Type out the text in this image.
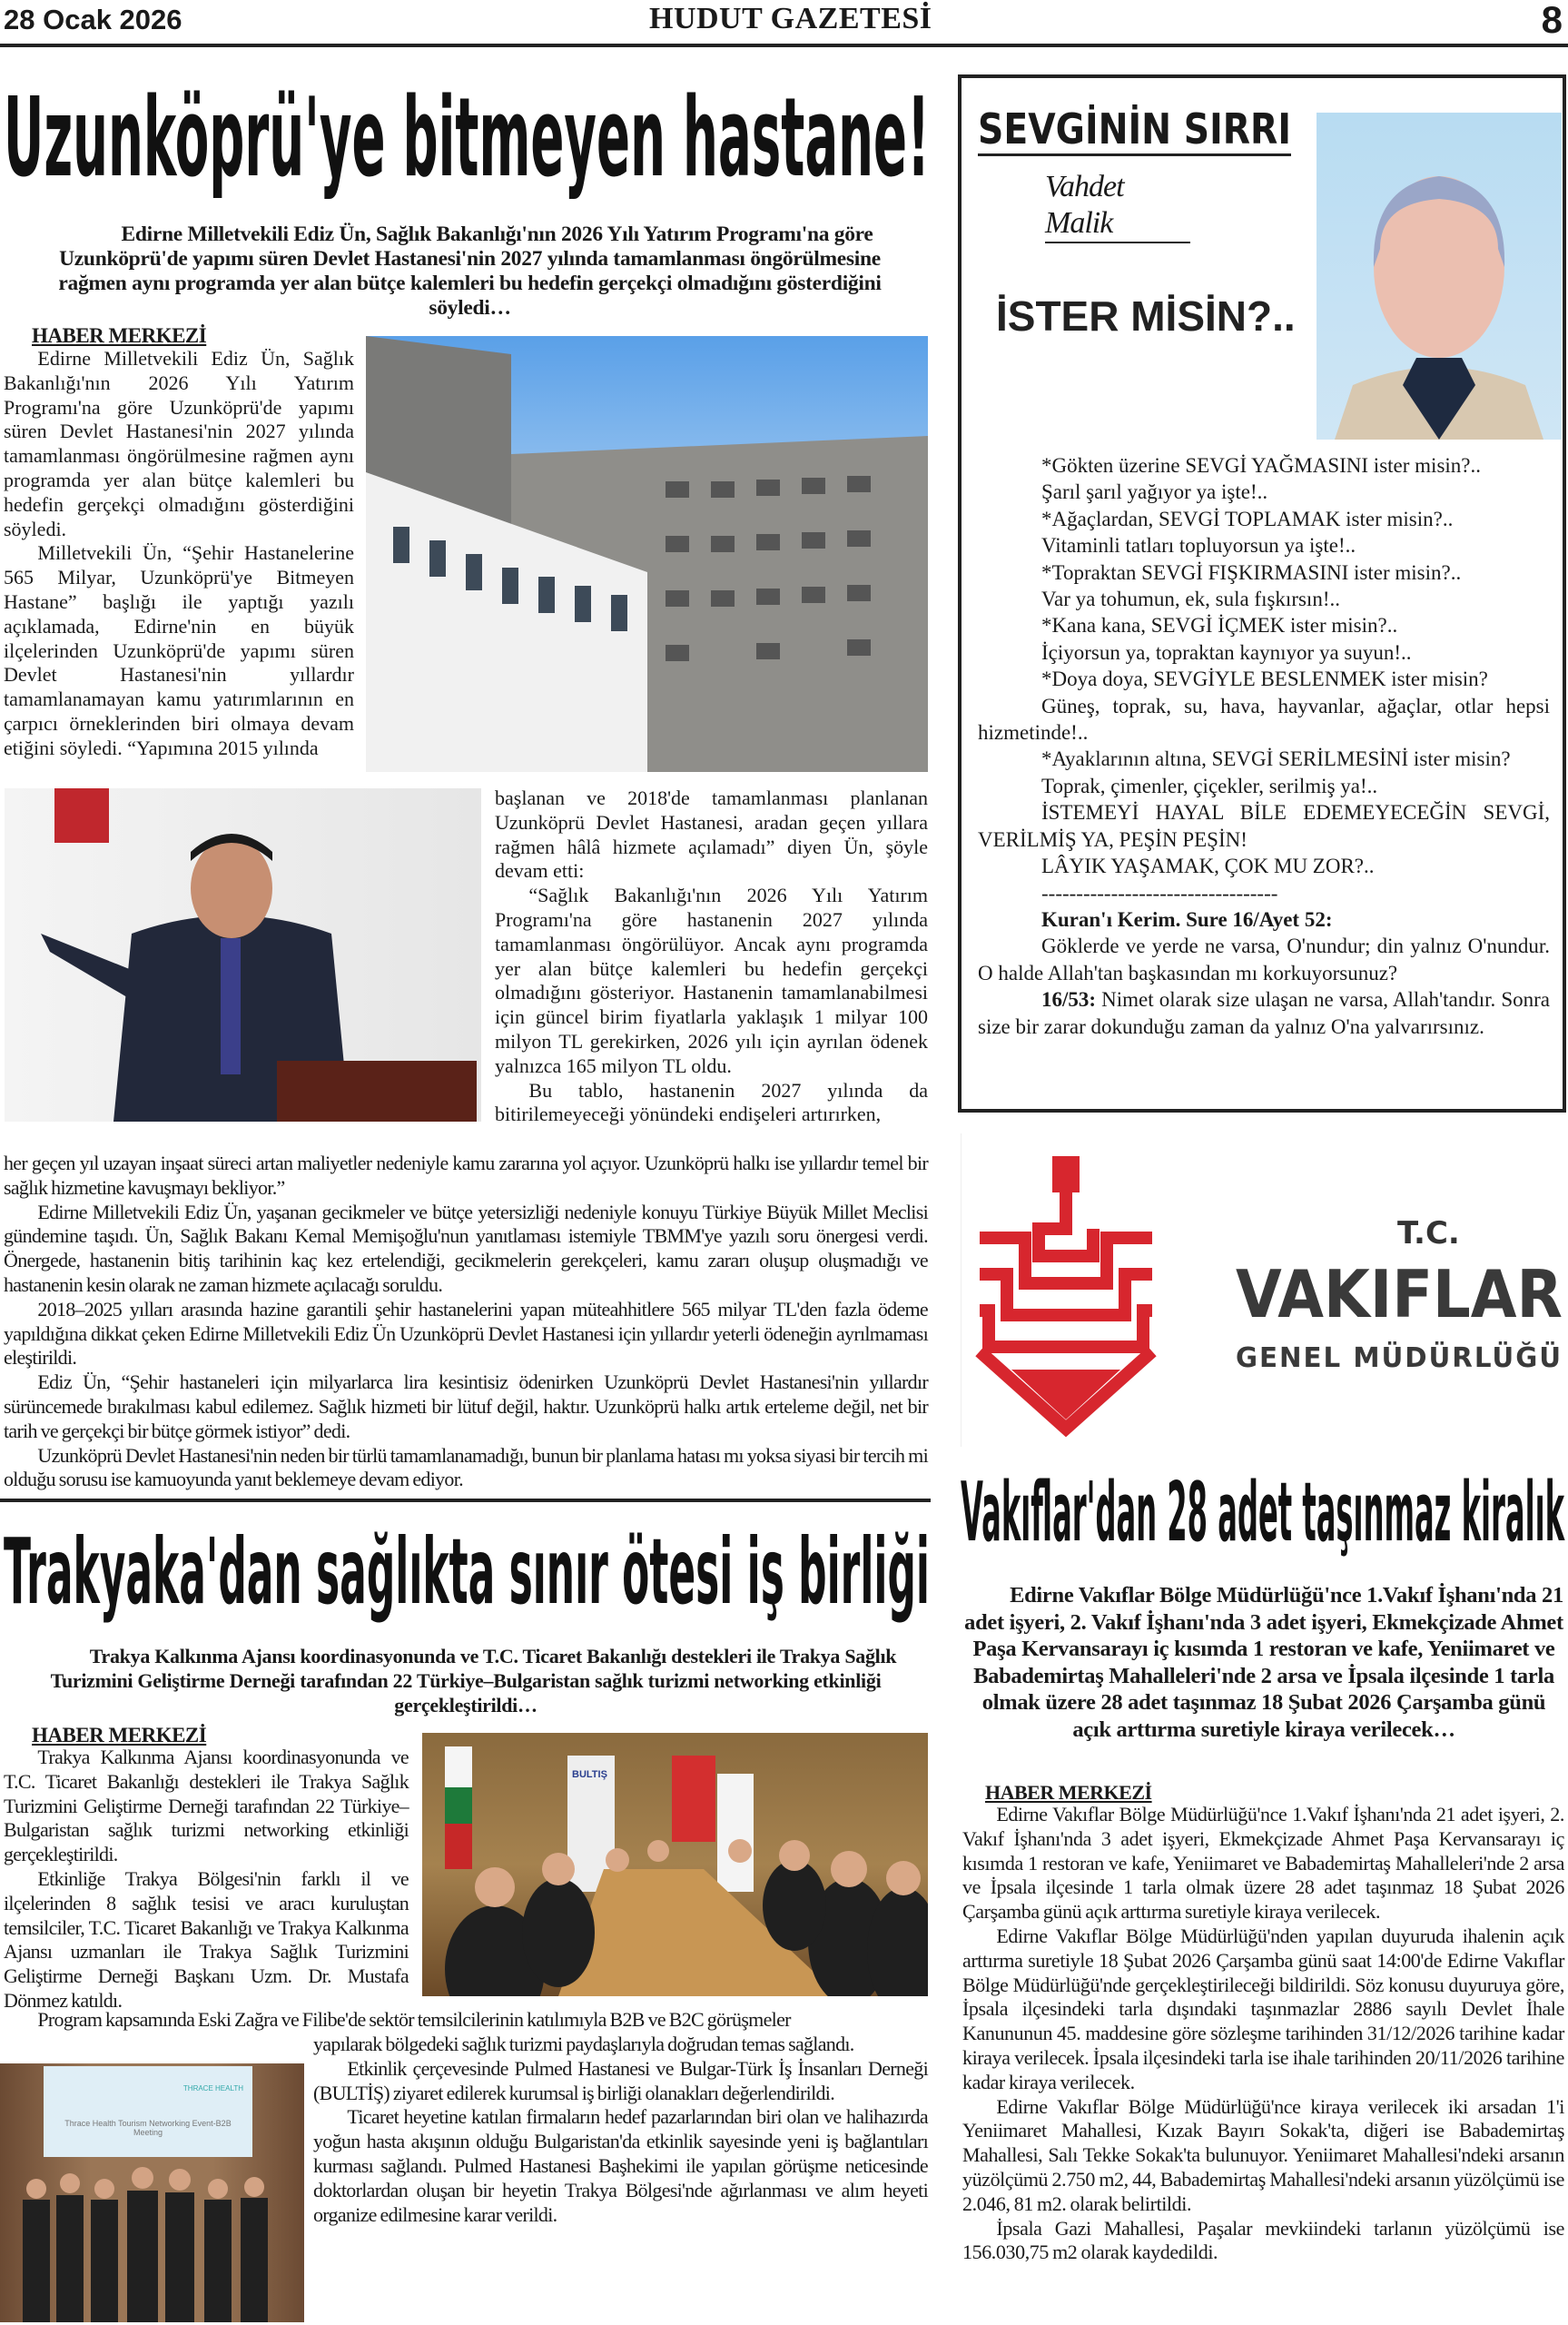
28 Ocak 2026	HUDUT GAZETESİ	8
Uzunköprü'ye bitmeyen hastane!
Edirne Milletvekili Ediz Ün, Sağlık Bakanlığı'nın 2026 Yılı Yatırım Programı'na göre Uzunköprü'de yapımı süren Devlet Hastanesi'nin 2027 yılında tamamlanması öngörülmesine rağmen aynı programda yer alan bütçe kalemleri bu hedefin gerçekçi olmadığını gösterdiğini söyledi…
HABER MERKEZİ

Edirne Milletvekili Ediz Ün, Sağlık Bakanlığı'nın 2026 Yılı Yatırım Programı'na göre Uzunköprü'de yapımı süren Devlet Hastanesi'nin 2027 yılında tamamlanması öngörülmesine rağmen aynı programda yer alan bütçe kalemleri bu hedefin gerçekçi olmadığını gösterdiğini söyledi.

Milletvekili Ün, “Şehir Hastanelerine 565 Milyar, Uzunköprü'ye Bitmeyen Hastane” başlığı ile yaptığı yazılı açıklamada, Edirne'nin en büyük ilçelerinden Uzunköprü'de yapımı süren Devlet Hastanesi'nin yıllardır tamamlanamayan kamu yatırımlarının en çarpıcı örneklerinden biri olmaya devam etiğini söyledi. “Yapımına 2015 yılında

başlanan ve 2018'de tamamlanması planlanan Uzunköprü Devlet Hastanesi, aradan geçen yıllara rağmen hâlâ hizmete açılamadı” diyen Ün, şöyle devam etti:

“Sağlık Bakanlığı'nın 2026 Yılı Yatırım Programı'na göre hastanenin 2027 yılında tamamlanması öngörülüyor. Ancak aynı programda yer alan bütçe kalemleri bu hedefin gerçekçi olmadığını gösteriyor. Hastanenin tamamlanabilmesi için güncel birim fiyatlarla yaklaşık 1 milyar 100 milyon TL gerekirken, 2026 yılı için ayrılan ödenek yalnızca 165 milyon TL oldu.

Bu tablo, hastanenin 2027 yılında da bitirilemeyeceği yönündeki endişeleri artırırken,

her geçen yıl uzayan inşaat süreci artan maliyetler nedeniyle kamu zararına yol açıyor. Uzunköprü halkı ise yıllardır temel bir sağlık hizmetine kavuşmayı bekliyor.”

Edirne Milletvekili Ediz Ün, yaşanan gecikmeler ve bütçe yetersizliği nedeniyle konuyu Türkiye Büyük Millet Meclisi gündemine taşıdı. Ün, Sağlık Bakanı Kemal Memişoğlu'nun yanıtlaması istemiyle TBMM'ye yazılı soru önergesi verdi. Önergede, hastanenin bitiş tarihinin kaç kez ertelendiği, gecikmelerin gerekçeleri, kamu zararı oluşup oluşmadığı ve hastanenin kesin olarak ne zaman hizmete açılacağı soruldu.

2018–2025 yılları arasında hazine garantili şehir hastanelerini yapan müteahhitlere 565 milyar TL'den fazla ödeme yapıldığına dikkat çeken Edirne Milletvekili Ediz Ün Uzunköprü Devlet Hastanesi için yıllardır yeterli ödeneğin ayrılmaması eleştirildi.

Ediz Ün, “Şehir hastaneleri için milyarlarca lira kesintisiz ödenirken Uzunköprü Devlet Hastanesi'nin yıllardır sürüncemede bırakılması kabul edilemez. Sağlık hizmeti bir lütuf değil, haktır. Uzunköprü halkı artık erteleme değil, net bir tarih ve gerçekçi bir bütçe görmek istiyor” dedi.

Uzunköprü Devlet Hastanesi'nin neden bir türlü tamamlanamadığı, bunun bir planlama hatası mı yoksa siyasi bir tercih mi olduğu sorusu ise kamuoyunda yanıt beklemeye devam ediyor.

Trakyaka'dan sağlıkta sınır ötesi iş birliği
Trakya Kalkınma Ajansı koordinasyonunda ve T.C. Ticaret Bakanlığı destekleri ile Trakya Sağlık Turizmini Geliştirme Derneği tarafından 22 Türkiye–Bulgaristan sağlık turizmi networking etkinliği gerçekleştirildi…
HABER MERKEZİ

Trakya Kalkınma Ajansı koordinasyonunda ve T.C. Ticaret Bakanlığı destekleri ile Trakya Sağlık Turizmini Geliştirme Derneği tarafından 22 Türkiye–Bulgaristan sağlık turizmi networking etkinliği gerçekleştirildi.

Etkinliğe Trakya Bölgesi'nin farklı il ve ilçelerinden 8 sağlık tesisi ve aracı kuruluştan temsilciler, T.C. Ticaret Bakanlığı ve Trakya Kalkınma Ajansı uzmanları ile Trakya Sağlık Turizmini Geliştirme Derneği Başkanı Uzm. Dr. Mustafa Dönmez katıldı.

BULTIŞ

Program kapsamında Eski Zağra ve Filibe'de sektör temsilcilerinin katılımıyla B2B ve B2C görüşmeler

THRACE HEALTH
Thrace Health Tourism Networking Event-B2B Meeting

yapılarak bölgedeki sağlık turizmi paydaşlarıyla doğrudan temas sağlandı.

Etkinlik çerçevesinde Pulmed Hastanesi ve Bulgar-Türk İş İnsanları Derneği (BULTİŞ) ziyaret edilerek kurumsal iş birliği olanakları değerlendirildi.

Ticaret heyetine katılan firmaların hedef pazarlarından biri olan ve halihazırda yoğun hasta akışının olduğu Bulgaristan'da etkinlik sayesinde yeni iş bağlantıları kurması sağlandı. Pulmed Hastanesi Başhekimi ile yapılan görüşme neticesinde doktorlardan oluşan bir heyetin Trakya Bölgesi'nde ağırlanması ve alım heyeti organize edilmesine karar verildi.

SEVGİNİN SIRRI
Vahdet Malik
İSTER MİSİN?..

*Gökten üzerine SEVGİ YAĞMASINI ister misin?..

Şarıl şarıl yağıyor ya işte!..

*Ağaçlardan, SEVGİ TOPLAMAK ister misin?..

Vitaminli tatları topluyorsun ya işte!..

*Topraktan SEVGİ FIŞKIRMASINI ister misin?..

Var ya tohumun, ek, sula fışkırsın!..

*Kana kana, SEVGİ İÇMEK ister misin?..

İçiyorsun ya, topraktan kaynıyor ya suyun!..

*Doya doya, SEVGİYLE BESLENMEK ister misin?

Güneş, toprak, su, hava, hayvanlar, ağaçlar, otlar hepsi hizmetinde!..

*Ayaklarının altına, SEVGİ SERİLMESİNİ ister misin?

Toprak, çimenler, çiçekler, serilmiş ya!..

İSTEMEYİ HAYAL BİLE EDEMEYECEĞİN SEVGİ, VERİLMİŞ YA, PEŞİN PEŞİN!

LÂYIK YAŞAMAK, ÇOK MU ZOR?..

----------------------------------

Kuran'ı Kerim. Sure 16/Ayet 52:

Göklerde ve yerde ne varsa, O'nundur; din yalnız O'nundur. O halde Allah'tan başkasından mı korkuyorsunuz?

16/53: Nimet olarak size ulaşan ne varsa, Allah'tandır. Sonra size bir zarar dokunduğu zaman da yalnız O'na yalvarırsınız.

T.C.
VAKIFLAR
GENEL MÜDÜRLÜĞÜ
Vakıflar'dan 28 adet taşınmaz kiralık
Edirne Vakıflar Bölge Müdürlüğü'nce 1.Vakıf İşhanı'nda 21 adet işyeri, 2. Vakıf İşhanı'nda 3 adet işyeri, Ekmekçizade Ahmet Paşa Kervansarayı iç kısımda 1 restoran ve kafe, Yeniimaret ve Babademirtaş Mahalleleri'nde 2 arsa ve İpsala ilçesinde 1 tarla olmak üzere 28 adet taşınmaz 18 Şubat 2026 Çarşamba günü açık arttırma suretiyle kiraya verilecek…
HABER MERKEZİ

Edirne Vakıflar Bölge Müdürlüğü'nce 1.Vakıf İşhanı'nda 21 adet işyeri, 2. Vakıf İşhanı'nda 3 adet işyeri, Ekmekçizade Ahmet Paşa Kervansarayı iç kısımda 1 restoran ve kafe, Yeniimaret ve Babademirtaş Mahalleleri'nde 2 arsa ve İpsala ilçesinde 1 tarla olmak üzere 28 adet taşınmaz 18 Şubat 2026 Çarşamba günü açık arttırma suretiyle kiraya verilecek.

Edirne Vakıflar Bölge Müdürlüğü'nden yapılan duyuruda ihalenin açık arttırma suretiyle 18 Şubat 2026 Çarşamba günü saat 14:00'de Edirne Vakıflar Bölge Müdürlüğü'nde gerçekleştirileceği bildirildi. Söz konusu duyuruya göre, İpsala ilçesindeki tarla dışındaki taşınmazlar 2886 sayılı Devlet İhale Kanununun 45. maddesine göre sözleşme tarihinden 31/12/2026 tarihine kadar kiraya verilecek. İpsala ilçesindeki tarla ise ihale tarihinden 20/11/2026 tarihine kadar kiraya verilecek.

Edirne Vakıflar Bölge Müdürlüğü'nce kiraya verilecek iki arsadan 1'i Yeniimaret Mahallesi, Kızak Bayırı Sokak'ta, diğeri ise Babademirtaş Mahallesi, Salı Tekke Sokak'ta bulunuyor. Yeniimaret Mahallesi'ndeki arsanın yüzölçümü 2.750 m2, 44, Babademirtaş Mahallesi'ndeki arsanın yüzölçümü ise 2.046, 81 m2. olarak belirtildi.

İpsala Gazi Mahallesi, Paşalar mevkiindeki tarlanın yüzölçümü ise 156.030,75 m2 olarak kaydedildi.
